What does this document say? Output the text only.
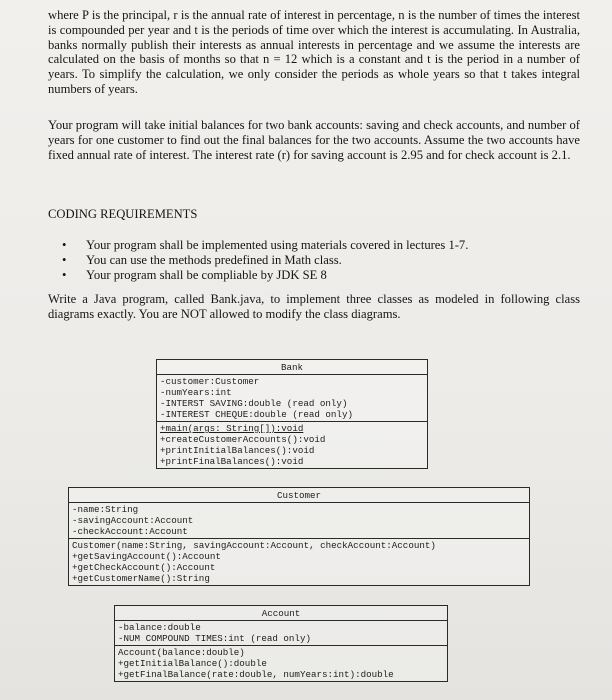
where P is the principal, r is the annual rate of interest in percentage, n is the number of times the interest is compounded per year and t is the periods of time over which the interest is accumulating. In Australia, banks normally publish their interests as annual interests in percentage and we assume the interests are calculated on the basis of months so that n = 12 which is a constant and t is the period in a number of years. To simplify the calculation, we only consider the periods as whole years so that t takes integral numbers of years.
Your program will take initial balances for two bank accounts: saving and check accounts, and number of years for one customer to find out the final balances for the two accounts. Assume the two accounts have fixed annual rate of interest. The interest rate (r) for saving account is 2.95 and for check account is 2.1.
CODING REQUIREMENTS
•	Your program shall be implemented using materials covered in lectures 1-7.
•	You can use the methods predefined in Math class.
•	Your program shall be compliable by JDK SE 8
Write a Java program, called Bank.java, to implement three classes as modeled in following class diagrams exactly. You are NOT allowed to modify the class diagrams.
Bank
-customer:Customer
-numYears:int
-INTERST SAVING:double (read only)
-INTEREST CHEQUE:double (read only)
+main(args: String[]):void
+createCustomerAccounts():void
+printInitialBalances():void
+printFinalBalances():void
Customer
-name:String
-savingAccount:Account
-checkAccount:Account
Customer(name:String, savingAccount:Account, checkAccount:Account)
+getSavingAccount():Account
+getCheckAccount():Account
+getCustomerName():String
Account
-balance:double
-NUM COMPOUND TIMES:int (read only)
Account(balance:double)
+getInitialBalance():double
+getFinalBalance(rate:double, numYears:int):double
